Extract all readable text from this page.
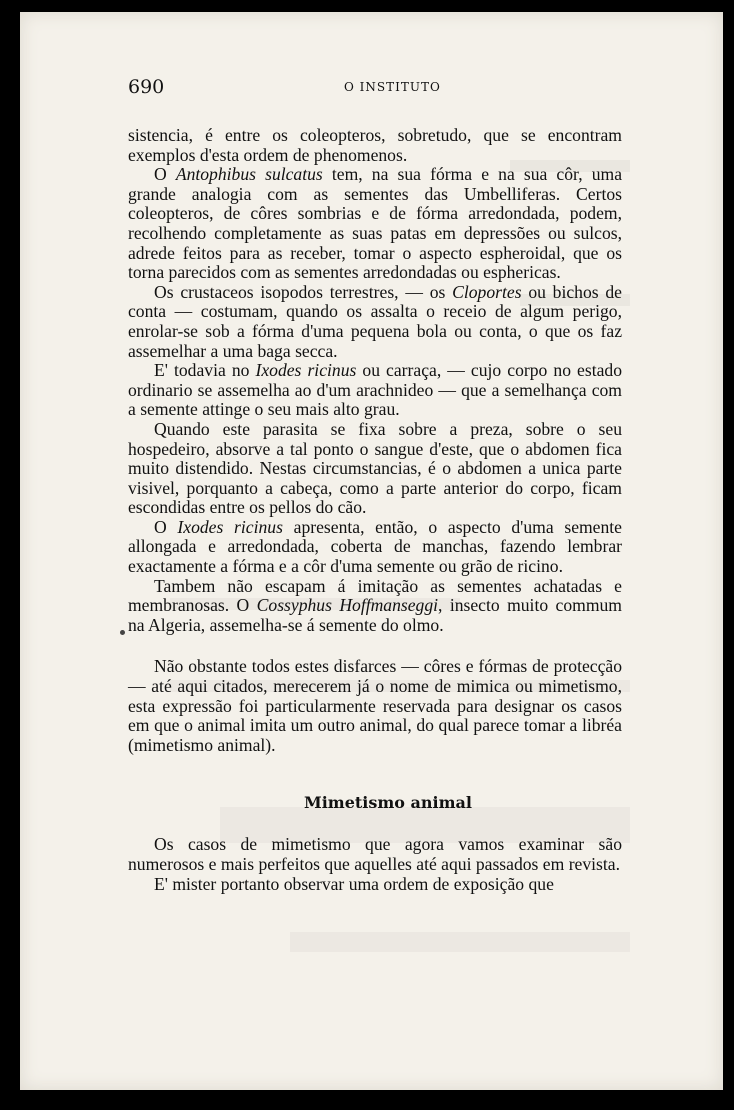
690	O INSTITUTO

sistencia, é entre os coleopteros, sobretudo, que se encontram exemplos d'esta ordem de phenomenos.

O Antophibus sulcatus tem, na sua fórma e na sua côr, uma grande analogia com as sementes das Umbelliferas. Certos coleopteros, de côres sombrias e de fórma arredondada, podem, recolhendo completamente as suas patas em depressões ou sulcos, adrede feitos para as receber, tomar o aspecto espheroidal, que os torna parecidos com as sementes arredondadas ou esphericas.

Os crustaceos isopodos terrestres, — os Cloportes ou bichos de conta — costumam, quando os assalta o receio de algum perigo, enrolar-se sob a fórma d'uma pequena bola ou conta, o que os faz assemelhar a uma baga secca.

E' todavia no Ixodes ricinus ou carraça, — cujo corpo no estado ordinario se assemelha ao d'um arachnideo — que a semelhança com a semente attinge o seu mais alto grau.

Quando este parasita se fixa sobre a preza, sobre o seu hospedeiro, absorve a tal ponto o sangue d'este, que o abdomen fica muito distendido. Nestas circumstancias, é o abdomen a unica parte visivel, porquanto a cabeça, como a parte anterior do corpo, ficam escondidas entre os pellos do cão.

O Ixodes ricinus apresenta, então, o aspecto d'uma semente allongada e arredondada, coberta de manchas, fazendo lembrar exactamente a fórma e a côr d'uma semente ou grão de ricino.

Tambem não escapam á imitação as sementes achatadas e membranosas. O Cossyphus Hoffmanseggi, insecto muito commum na Algeria, assemelha-se á semente do olmo.

Não obstante todos estes disfarces — côres e fórmas de protecção — até aqui citados, merecerem já o nome de mimica ou mimetismo, esta expressão foi particularmente reservada para designar os casos em que o animal imita um outro animal, do qual parece tomar a libréa (mimetismo animal).

Mimetismo animal

Os casos de mimetismo que agora vamos examinar são numerosos e mais perfeitos que aquelles até aqui passados em revista.

E' mister portanto observar uma ordem de exposição que
